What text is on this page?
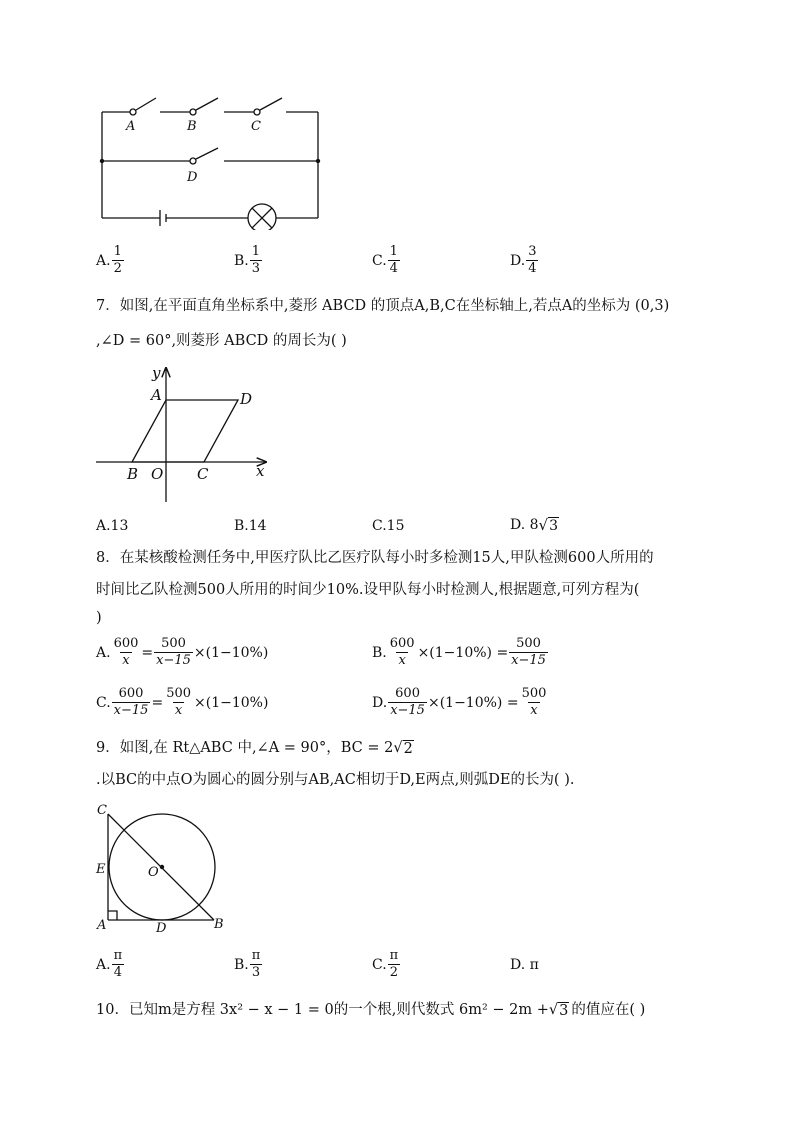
A	B	C
D
A. $\frac{1}{2}$	B. $\frac{1}{3}$	C. $\frac{1}{4}$	D. $\frac{3}{4}$
7．如图,在平面直角坐标系中,菱形 ABCD 的顶点A,B,C在坐标轴上,若点A的坐标为 (0,3)
,∠D = 60°,则菱形 ABCD 的周长为( )
y
x
A	D
B O C
A.13	B.14	C.15	D. 8 √ 3
8．在某核酸检测任务中,甲医疗队比乙医疗队每小时多检测15人,甲队检测600人所用的
时间比乙队检测500人所用的时间少10%.设甲队每小时检测人,根据题意,可列方程为(
)
A. $\frac{600}{x} = \frac{500}{x-15} \times(1-10\%)$	B. $\frac{600}{x} \times(1-10\%) = \frac{500}{x-15}$
C. $\frac{600}{x-15} = \frac{500}{x} \times(1-10\%)$	D. $\frac{600}{x-15} \times(1-10\%) = \frac{500}{x}$
9．如图,在 Rt△ABC 中,∠A = 90°，BC = 2 √ 2
.以BC的中点O为圆心的圆分别与AB,AC相切于D,E两点,则弧DE的长为( ).
C
E	O
A	D	B
A. $\frac{\pi}{4}$	B. $\frac{\pi}{3}$	C. $\frac{\pi}{2}$	D. π
10．已知m是方程 3x² − x − 1 = 0的一个根,则代数式 6m² − 2m + √ 3 的值应在( )
